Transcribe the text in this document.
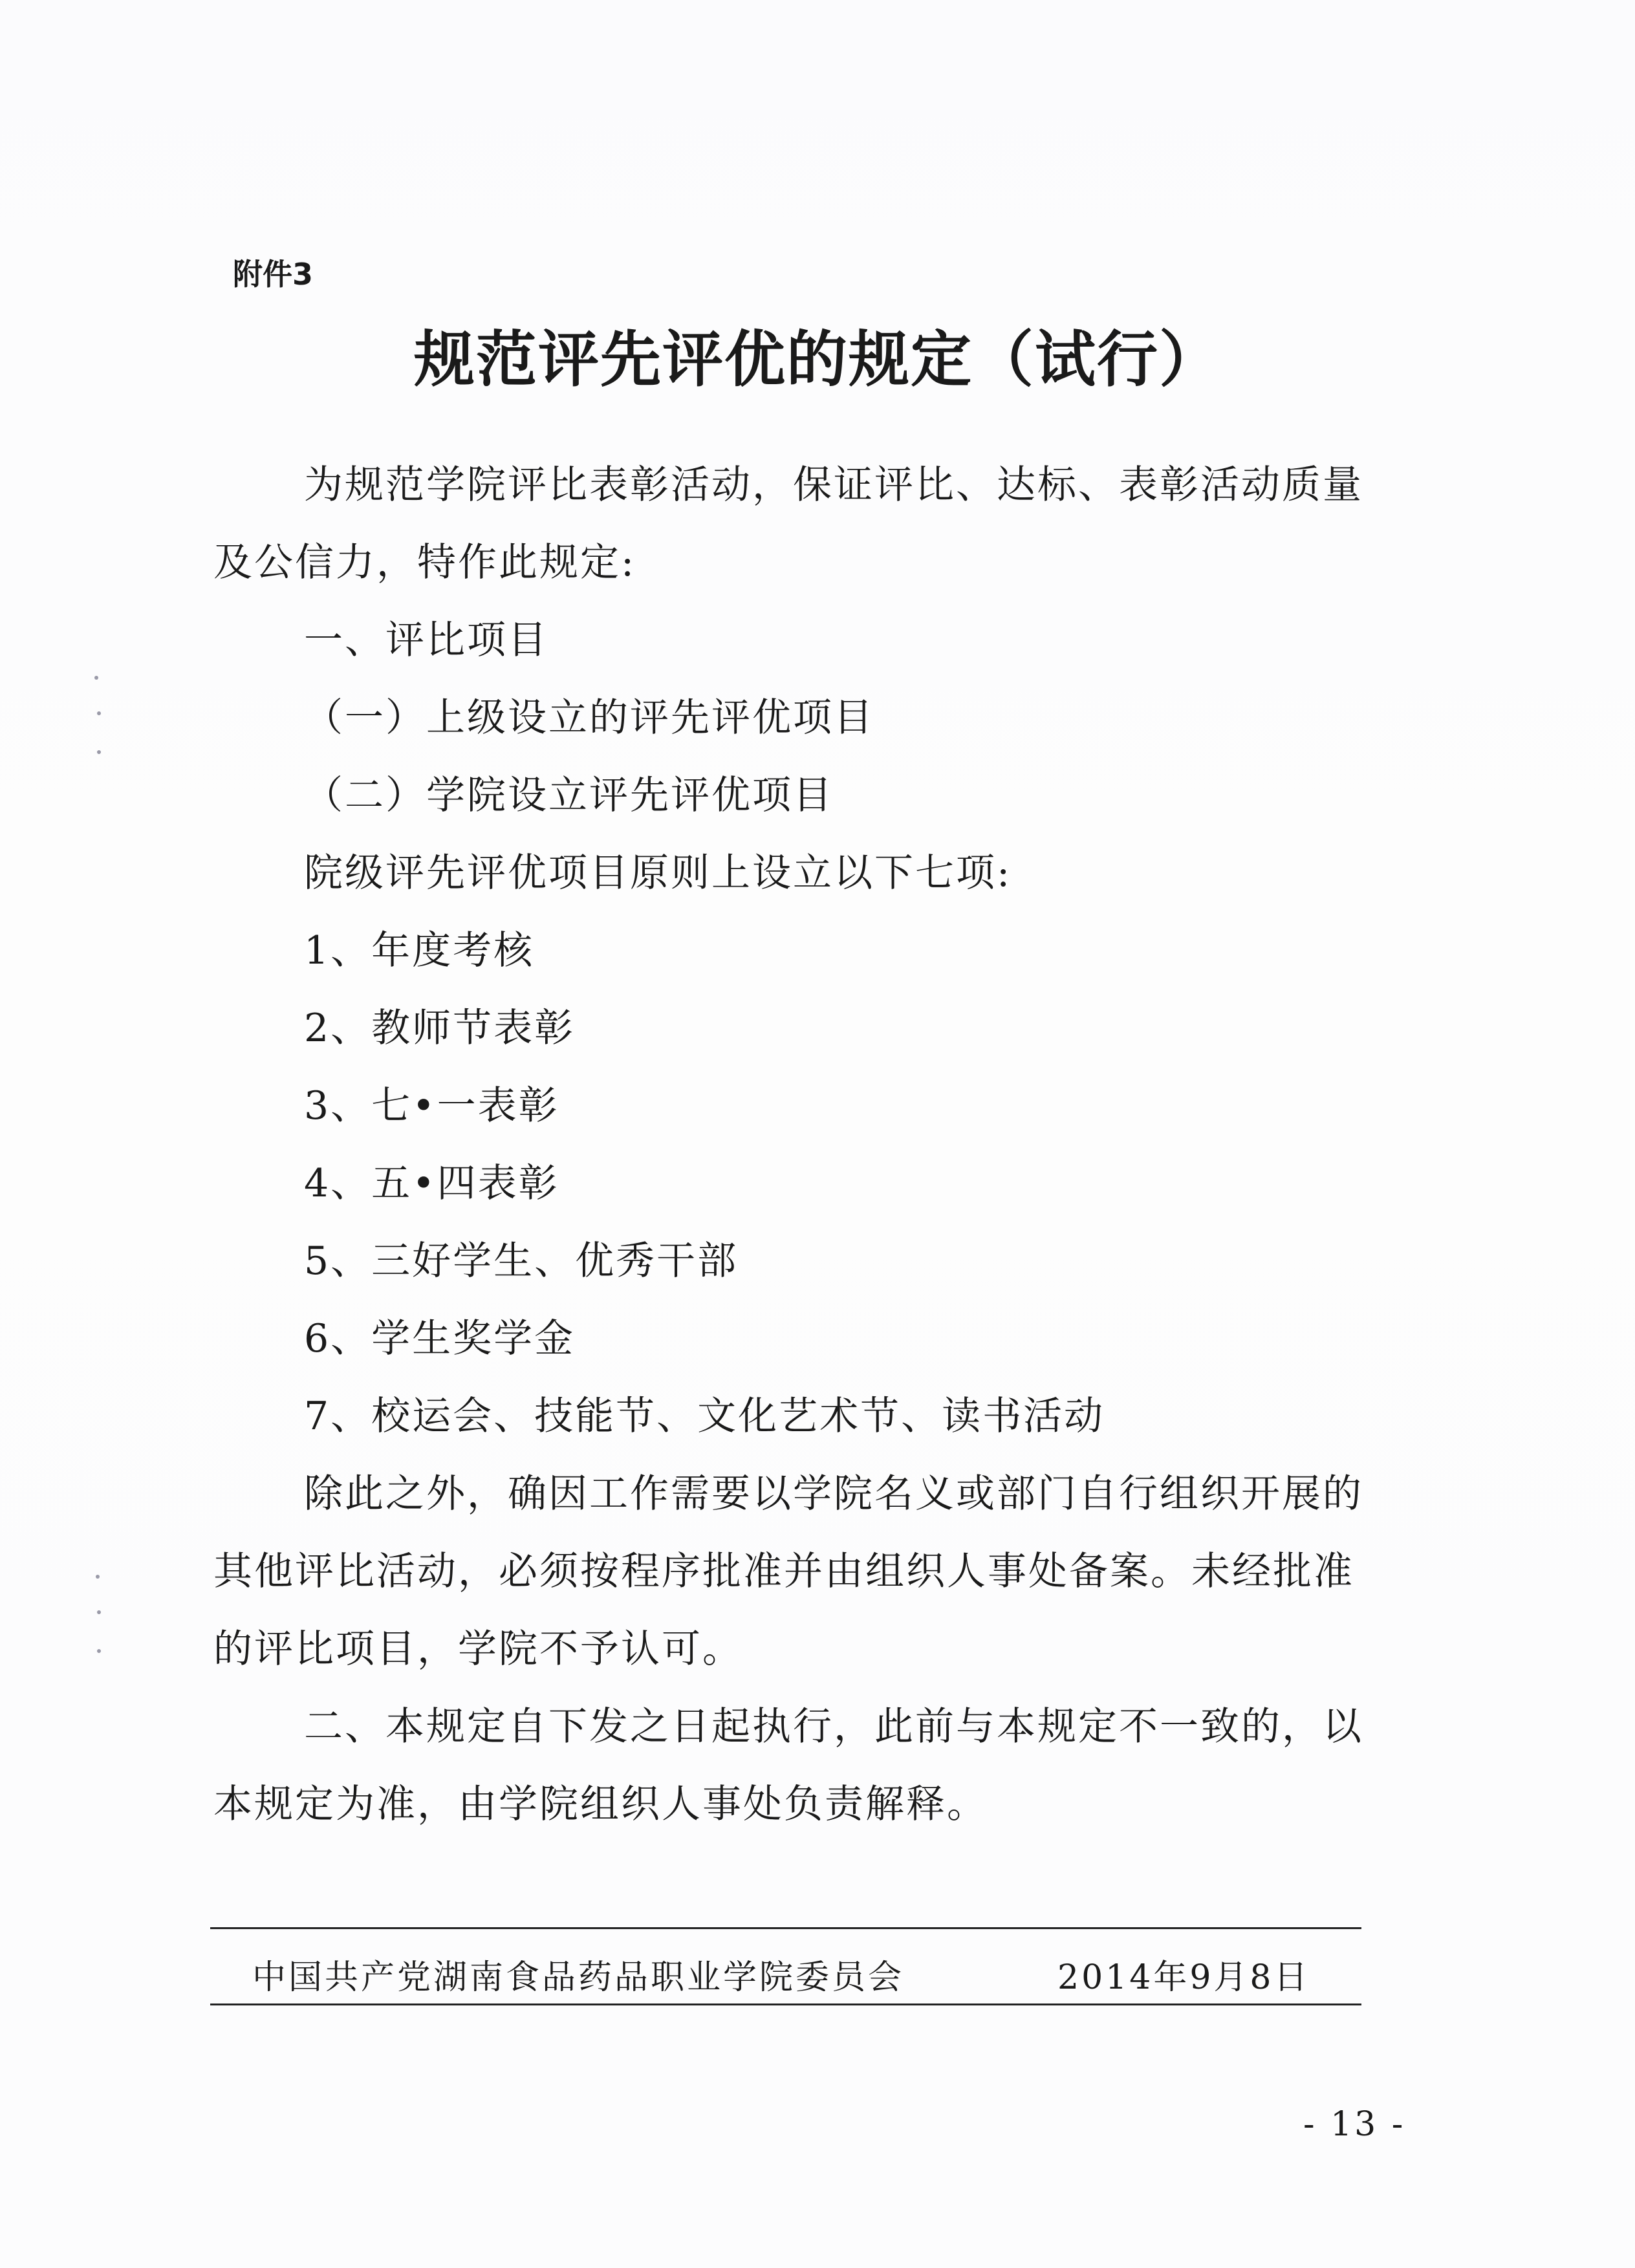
附件3
规范评先评优的规定（试行）
为规范学院评比表彰活动，保证评比、达标、表彰活动质量
及公信力，特作此规定:
一、评比项目
（一）上级设立的评先评优项目
（二）学院设立评先评优项目
院级评先评优项目原则上设立以下七项:
1、年度考核
2、教师节表彰
3、七•一表彰
4、五•四表彰
5、三好学生、优秀干部
6、学生奖学金
7、校运会、技能节、文化艺术节、读书活动
除此之外，确因工作需要以学院名义或部门自行组织开展的
其他评比活动，必须按程序批准并由组织人事处备案。未经批准
的评比项目，学院不予认可。
二、本规定自下发之日起执行，此前与本规定不一致的，以
本规定为准，由学院组织人事处负责解释。
中国共产党湖南食品药品职业学院委员会	2014年9月8日
- 13 -
